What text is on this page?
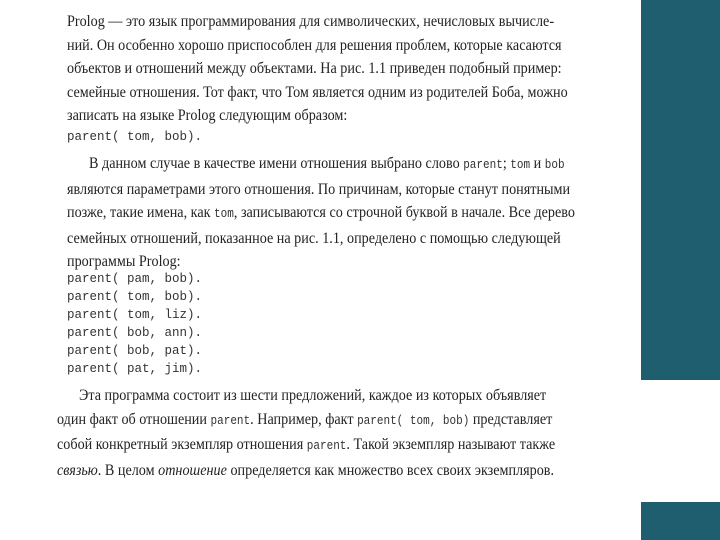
Prolog — это язык программирования для символических, нечисловых вычисле-
ний. Он особенно хорошо приспособлен для решения проблем, которые касаются
объектов и отношений между объектами. На рис. 1.1 приведен подобный пример:
семейные отношения. Тот факт, что Том является одним из родителей Боба, можно
записать на языке Prolog следующим образом:
parent( tom, bob).
В данном случае в качестве имени отношения выбрано слово parent; tom и bob
являются параметрами этого отношения. По причинам, которые станут понятными
позже, такие имена, как tom, записываются со строчной буквой в начале. Все дерево
семейных отношений, показанное на рис. 1.1, определено с помощью следующей
программы Prolog:
parent( pam, bob).
parent( tom, bob).
parent( tom, liz).
parent( bob, ann).
parent( bob, pat).
parent( pat, jim).
Эта программа состоит из шести предложений, каждое из которых объявляет
один факт об отношении parent. Например, факт parent( tom, bob) представляет
собой конкретный экземпляр отношения parent. Такой экземпляр называют также
связью. В целом отношение определяется как множество всех своих экземпляров.
